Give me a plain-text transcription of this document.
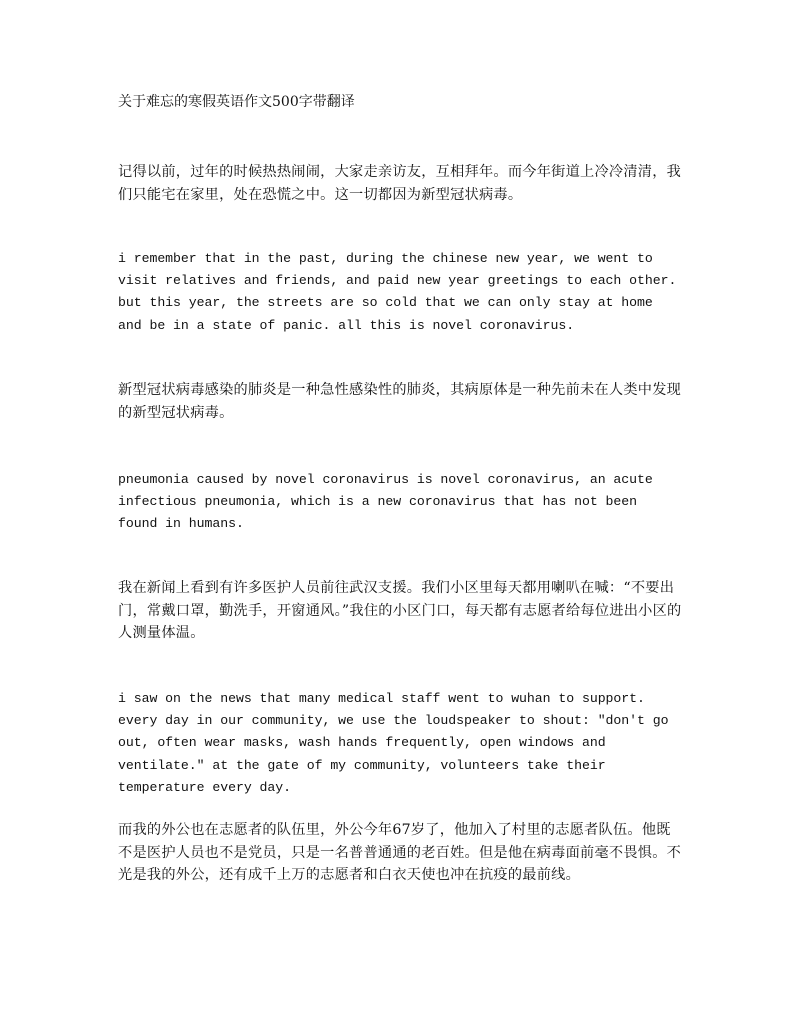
关于难忘的寒假英语作文500字带翻译

记得以前，过年的时候热热闹闹，大家走亲访友，互相拜年。而今年街道上冷冷清清，我们只能宅在家里，处在恐慌之中。这一切都因为新型冠状病毒。

i remember that in the past, during the chinese new year, we went to visit relatives and friends, and paid new year greetings to each other. but this year, the streets are so cold that we can only stay at home and be in a state of panic. all this is novel coronavirus.

新型冠状病毒感染的肺炎是一种急性感染性的肺炎，其病原体是一种先前未在人类中发现的新型冠状病毒。

pneumonia caused by novel coronavirus is novel coronavirus, an acute infectious pneumonia, which is a new coronavirus that has not been found in humans.

我在新闻上看到有许多医护人员前往武汉支援。我们小区里每天都用喇叭在喊：“不要出门，常戴口罩，勤洗手，开窗通风。”我住的小区门口，每天都有志愿者给每位进出小区的人测量体温。

i saw on the news that many medical staff went to wuhan to support. every day in our community, we use the loudspeaker to shout: "don't go out, often wear masks, wash hands frequently, open windows and ventilate." at the gate of my community, volunteers take their temperature every day.

而我的外公也在志愿者的队伍里，外公今年67岁了，他加入了村里的志愿者队伍。他既不是医护人员也不是党员，只是一名普普通通的老百姓。但是他在病毒面前毫不畏惧。不光是我的外公，还有成千上万的志愿者和白衣天使也冲在抗疫的最前线。
